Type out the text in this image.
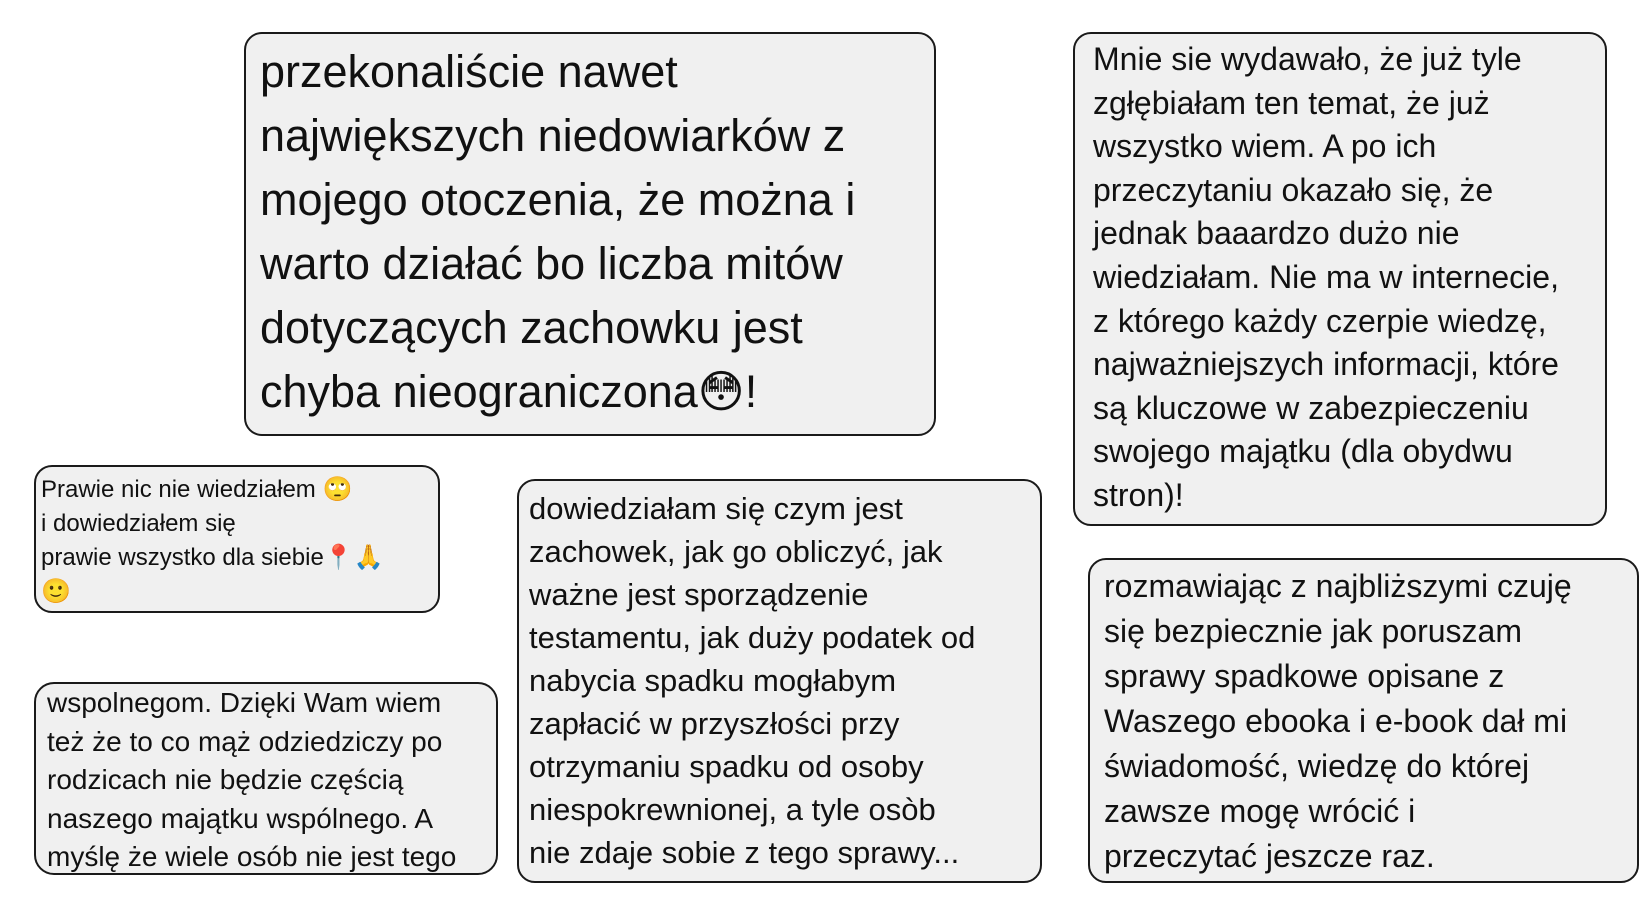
przekonaliście nawet
największych niedowiarków z
mojego otoczenia, że można i
warto działać bo liczba mitów
dotyczących zachowku jest
chyba nieograniczona😳!
Mnie sie wydawało, że już tyle
zgłębiałam ten temat, że już
wszystko wiem. A po ich
przeczytaniu okazało się, że
jednak baaardzo dużo nie
wiedziałam. Nie ma w internecie,
z którego każdy czerpie wiedzę,
najważniejszych informacji, które
są kluczowe w zabezpieczeniu
swojego majątku (dla obydwu
stron)!
Prawie nic nie wiedziałem 🙄
i dowiedziałem się
prawie wszystko dla siebie📍🙏
🙂
dowiedziałam się czym jest
zachowek, jak go obliczyć, jak
ważne jest sporządzenie
testamentu, jak duży podatek od
nabycia spadku mogłabym
zapłacić w przyszłości przy
otrzymaniu spadku od osoby
niespokrewnionej, a tyle osòb
nie zdaje sobie z tego sprawy...
wspolnegom. Dzięki Wam wiem
też że to co mąż odziedziczy po
rodzicach nie będzie częścią
naszego majątku wspólnego. A
myślę że wiele osób nie jest tego
rozmawiając z najbliższymi czuję
się bezpiecznie jak poruszam
sprawy spadkowe opisane z
Waszego ebooka i e-book dał mi
świadomość, wiedzę do której
zawsze mogę wrócić i
przeczytać jeszcze raz.
